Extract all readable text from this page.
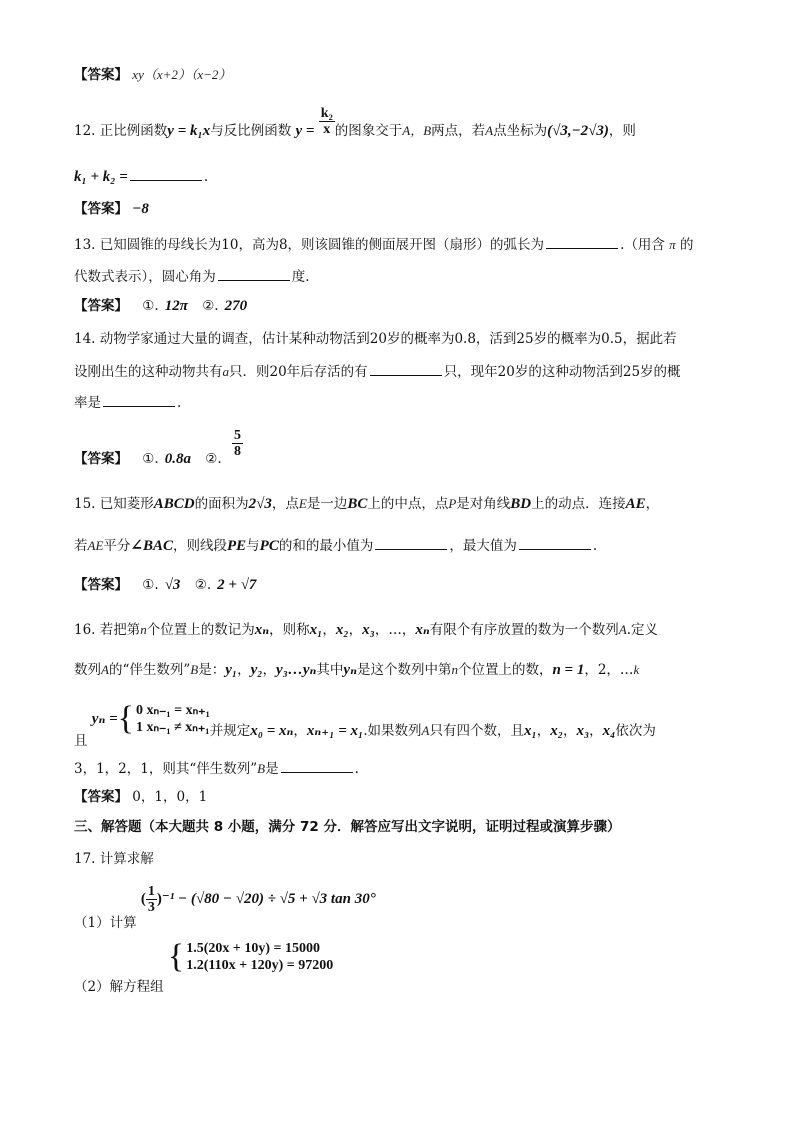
【答案】 xy（x+2）（x−2）
12. 正比例函数y = k₁x与反比例函数 $y = \frac{\text{k₂}}{x}$ 的图象交于A，B两点，若A点坐标为(√3,−2√3)，则
k₁ + k₂ =	.
【答案】 −8
13. 已知圆锥的母线长为10，高为8，则该圆锥的侧面展开图（扇形）的弧长为	.（用含 π 的
代数式表示），圆心角为	度.
【答案】 ①. 12π ②. 270
14. 动物学家通过大量的调查，估计某种动物活到20岁的概率为0.8，活到25岁的概率为0.5，据此若
设刚出生的这种动物共有a只．则20年后存活的有	只，现年20岁的这种动物活到25岁的概
率是	.
【答案】 ①. 0.8a ②. $\frac{5}{8}$
15. 已知菱形ABCD的面积为2√3，点E是一边BC上的中点，点P是对角线BD上的动点．连接AE，
若AE平分∠BAC，则线段PE与PC的和的最小值为	，最大值为	.
【答案】 ①. √3 ②. 2 + √7
16. 若把第n个位置上的数记为xₙ，则称x₁，x₂，x₃，…，xₙ有限个有序放置的数为一个数列A.定义
数列A的“伴生数列”B是：y₁，y₂，y₃…yₙ其中yₙ是这个数列中第n个位置上的数，n = 1，2，…k
且
yₙ = { 0 xₙ₋₁ = xₙ₊₁
1 xₙ₋₁ ≠ xₙ₊₁ 并规定x₀ = xₙ，xₙ₊₁ = x₁.如果数列A只有四个数，且x₁，x₂，x₃，x₄依次为
3，1，2，1，则其“伴生数列”B是	.
【答案】 0，1，0，1
三、解答题（本大题共 8 小题，满分 72 分．解答应写出文字说明，证明过程或演算步骤）
17. 计算求解
（1）计算 ( $\frac{1}{3} )^{-1} - (√80 - √20) \div √5 + √3$ tan 30°
（2）解方程组
{ 1.5(20x + 10y) = 15000
1.2(110x + 120y) = 97200
